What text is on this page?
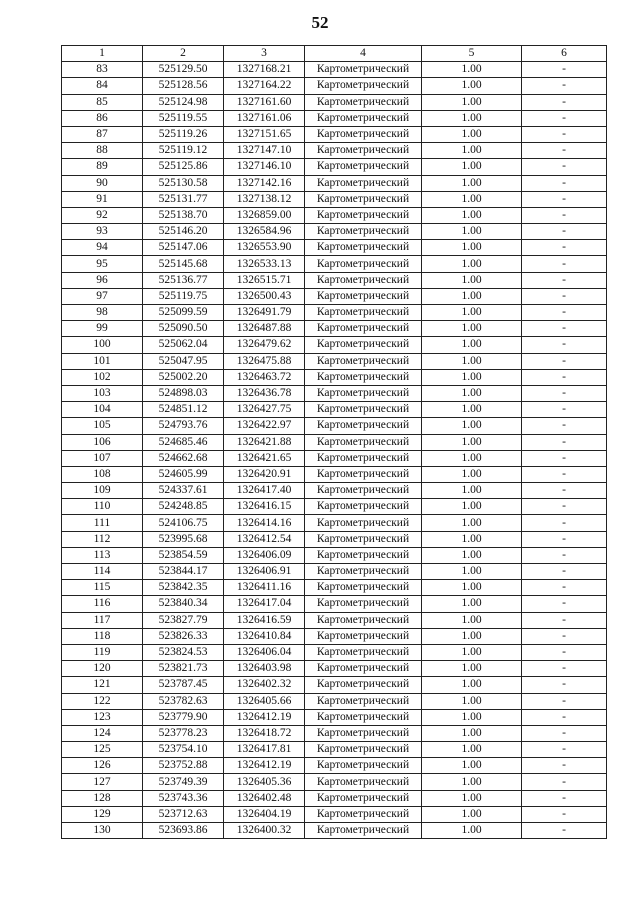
52
1	2	3	4	5	6
83	525129.50	1327168.21	Картометрический	1.00	-
84	525128.56	1327164.22	Картометрический	1.00	-
85	525124.98	1327161.60	Картометрический	1.00	-
86	525119.55	1327161.06	Картометрический	1.00	-
87	525119.26	1327151.65	Картометрический	1.00	-
88	525119.12	1327147.10	Картометрический	1.00	-
89	525125.86	1327146.10	Картометрический	1.00	-
90	525130.58	1327142.16	Картометрический	1.00	-
91	525131.77	1327138.12	Картометрический	1.00	-
92	525138.70	1326859.00	Картометрический	1.00	-
93	525146.20	1326584.96	Картометрический	1.00	-
94	525147.06	1326553.90	Картометрический	1.00	-
95	525145.68	1326533.13	Картометрический	1.00	-
96	525136.77	1326515.71	Картометрический	1.00	-
97	525119.75	1326500.43	Картометрический	1.00	-
98	525099.59	1326491.79	Картометрический	1.00	-
99	525090.50	1326487.88	Картометрический	1.00	-
100	525062.04	1326479.62	Картометрический	1.00	-
101	525047.95	1326475.88	Картометрический	1.00	-
102	525002.20	1326463.72	Картометрический	1.00	-
103	524898.03	1326436.78	Картометрический	1.00	-
104	524851.12	1326427.75	Картометрический	1.00	-
105	524793.76	1326422.97	Картометрический	1.00	-
106	524685.46	1326421.88	Картометрический	1.00	-
107	524662.68	1326421.65	Картометрический	1.00	-
108	524605.99	1326420.91	Картометрический	1.00	-
109	524337.61	1326417.40	Картометрический	1.00	-
110	524248.85	1326416.15	Картометрический	1.00	-
111	524106.75	1326414.16	Картометрический	1.00	-
112	523995.68	1326412.54	Картометрический	1.00	-
113	523854.59	1326406.09	Картометрический	1.00	-
114	523844.17	1326406.91	Картометрический	1.00	-
115	523842.35	1326411.16	Картометрический	1.00	-
116	523840.34	1326417.04	Картометрический	1.00	-
117	523827.79	1326416.59	Картометрический	1.00	-
118	523826.33	1326410.84	Картометрический	1.00	-
119	523824.53	1326406.04	Картометрический	1.00	-
120	523821.73	1326403.98	Картометрический	1.00	-
121	523787.45	1326402.32	Картометрический	1.00	-
122	523782.63	1326405.66	Картометрический	1.00	-
123	523779.90	1326412.19	Картометрический	1.00	-
124	523778.23	1326418.72	Картометрический	1.00	-
125	523754.10	1326417.81	Картометрический	1.00	-
126	523752.88	1326412.19	Картометрический	1.00	-
127	523749.39	1326405.36	Картометрический	1.00	-
128	523743.36	1326402.48	Картометрический	1.00	-
129	523712.63	1326404.19	Картометрический	1.00	-
130	523693.86	1326400.32	Картометрический	1.00	-
